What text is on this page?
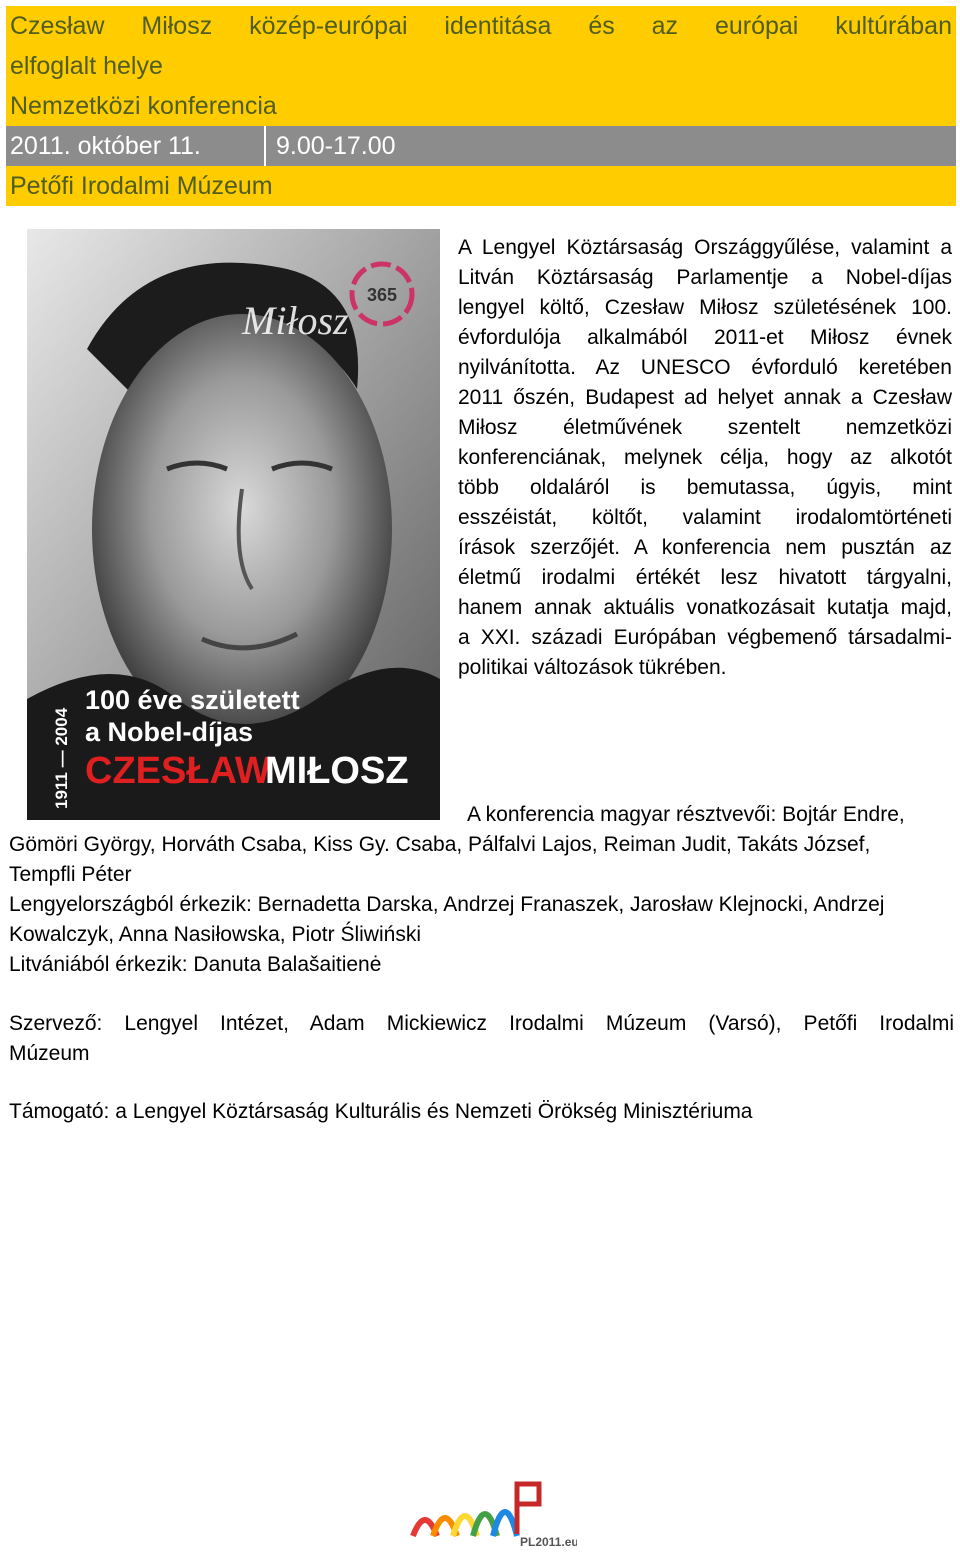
Czesław Miłosz közép-európai identitása és az európai kultúrában
elfoglalt helye
Nemzetközi konferencia
2011. október 11.	9.00-17.00
Petőfi Irodalmi Múzeum
365
Miłosz
1911 — 2004
100 éve született
a Nobel-díjas
CZESŁAW
MIŁOSZ
A Lengyel Köztársaság Országgyűlése, valamint a
Litván Köztársaság Parlamentje a Nobel-díjas
lengyel költő, Czesław Miłosz születésének 100.
évfordulója alkalmából 2011-et Miłosz évnek
nyilvánította. Az UNESCO évforduló keretében
2011 őszén, Budapest ad helyet annak a Czesław
Miłosz életművének szentelt nemzetközi
konferenciának, melynek célja, hogy az alkotót
több oldaláról is bemutassa, úgyis, mint
esszéistát, költőt, valamint irodalomtörténeti
írások szerzőjét. A konferencia nem pusztán az
életmű irodalmi értékét lesz hivatott tárgyalni,
hanem annak aktuális vonatkozásait kutatja majd,
a XXI. századi Európában végbemenő társadalmi-
politikai változások tükrében.
A konferencia magyar résztvevői: Bojtár Endre,
Gömöri György, Horváth Csaba, Kiss Gy. Csaba, Pálfalvi Lajos, Reiman Judit, Takáts József,
Tempfli Péter
Lengyelországból érkezik: Bernadetta Darska, Andrzej Franaszek, Jarosław Klejnocki, Andrzej
Kowalczyk, Anna Nasiłowska, Piotr Śliwiński
Litvániából érkezik: Danuta Balašaitienė
Szervező: Lengyel Intézet, Adam Mickiewicz Irodalmi Múzeum (Varsó), Petőfi Irodalmi
Múzeum
Támogató: a Lengyel Köztársaság Kulturális és Nemzeti Örökség Minisztériuma
PL2011.eu
